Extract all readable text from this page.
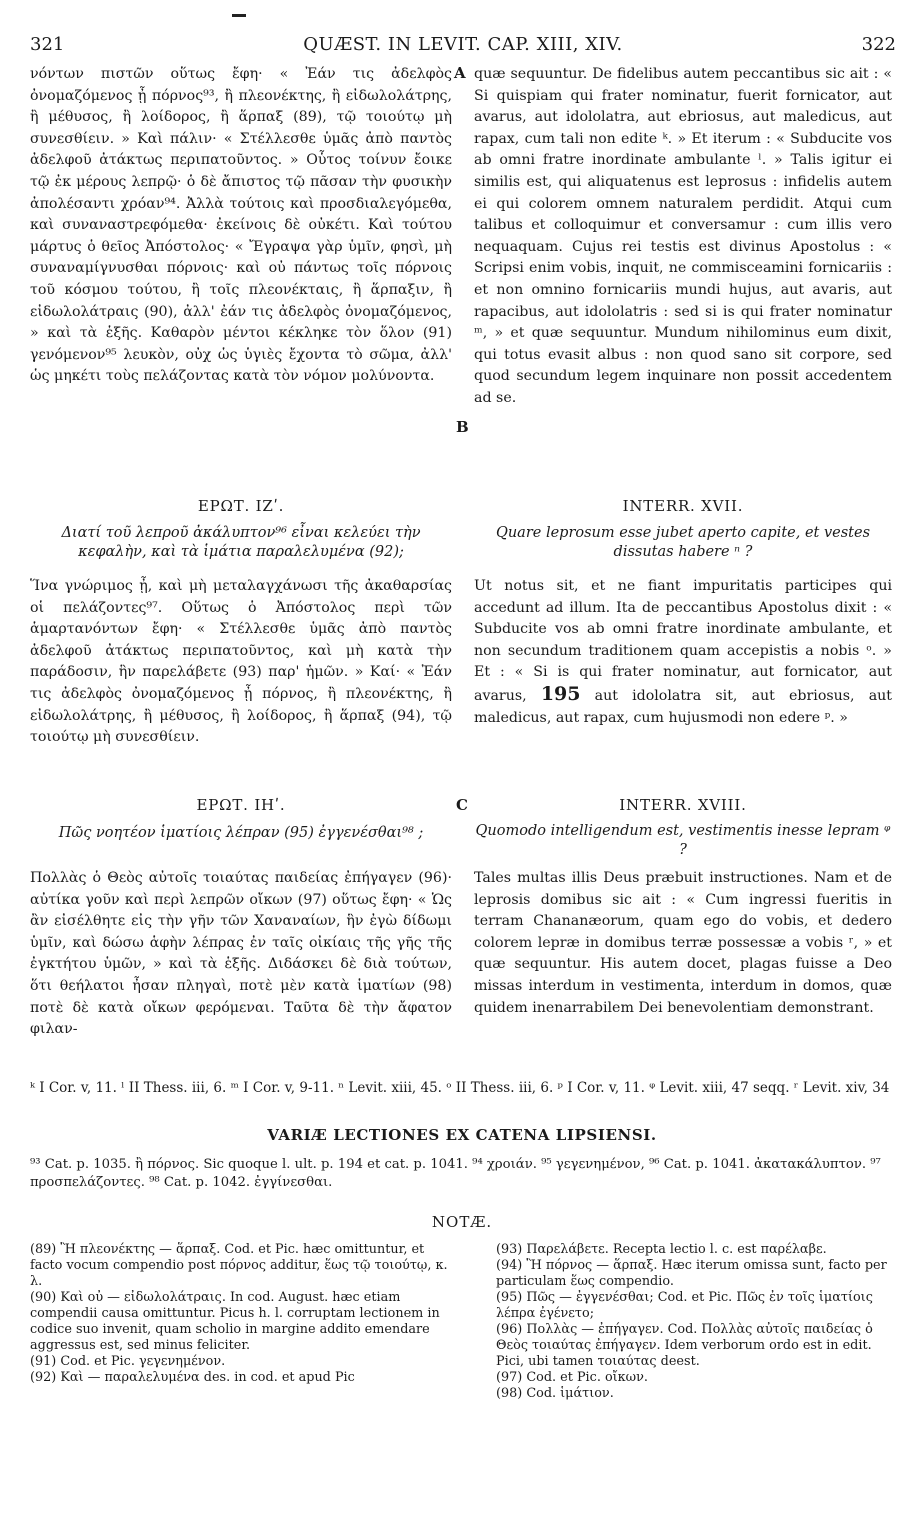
321	QUÆST. IN LEVIT. CAP. XIII, XIV.	322

νόντων πιστῶν οὕτως ἔφη· « Ἐάν τις ἀδελφὸς ὀνομαζόμενος ᾖ πόρνος⁹³, ἢ πλεονέκτης, ἢ εἰδωλολάτρης, ἢ μέθυσος, ἢ λοίδορος, ἢ ἅρπαξ (89), τῷ τοιούτῳ μὴ συνεσθίειν. » Καὶ πάλιν· « Στέλλεσθε ὑμᾶς ἀπὸ παντὸς ἀδελφοῦ ἀτάκτως περιπατοῦντος. » Οὗτος τοίνυν ἔοικε τῷ ἐκ μέρους λεπρῷ· ὁ δὲ ἄπιστος τῷ πᾶσαν τὴν φυσικὴν ἀπολέσαντι χρόαν⁹⁴. Ἀλλὰ τούτοις καὶ προσδιαλεγόμεθα, καὶ συναναστρεφόμεθα· ἐκείνοις δὲ οὐκέτι. Καὶ τούτου μάρτυς ὁ θεῖος Ἀπόστολος· « Ἔγραψα γὰρ ὑμῖν, φησὶ, μὴ συναναμίγνυσθαι πόρνοις· καὶ οὐ πάντως τοῖς πόρνοις τοῦ κόσμου τούτου, ἢ τοῖς πλεονέκταις, ἢ ἅρπαξιν, ἢ εἰδωλολάτραις (90), ἀλλ' ἐάν τις ἀδελφὸς ὀνομαζόμενος, » καὶ τὰ ἑξῆς. Καθαρὸν μέντοι κέκληκε τὸν ὅλον (91) γενόμενον⁹⁵ λευκὸν, οὐχ ὡς ὑγιὲς ἔχοντα τὸ σῶμα, ἀλλ' ὡς μηκέτι τοὺς πελάζοντας κατὰ τὸν νόμον μολύνοντα.

A quæ sequuntur. De fidelibus autem peccantibus sic ait : « Si quispiam qui frater nominatur, fuerit fornicator, aut avarus, aut idololatra, aut ebriosus, aut maledicus, aut rapax, cum tali non edite ᵏ. » Et iterum : « Subducite vos ab omni fratre inordinate ambulante ˡ. » Talis igitur ei similis est, qui aliquatenus est leprosus : infidelis autem ei qui colorem omnem naturalem perdidit. Atqui cum talibus et colloquimur et conversamur : cum illis vero nequaquam. Cujus rei testis est divinus Apostolus : « Scripsi enim vobis, inquit, ne commisceamini fornicariis : et non omnino fornicariis mundi hujus, aut avaris, aut rapacibus, aut idololatris : sed si is qui frater nominatur ᵐ, » et quæ sequuntur. Mundum nihilominus eum dixit, qui totus evasit albus : non quod sano sit corpore, sed quod secundum legem inquinare non possit accedentem ad se.

B
ΕΡΩΤ. ΙΖʹ.
Διατί τοῦ λεπροῦ ἀκάλυπτον⁹⁶ εἶναι κελεύει τὴν κεφαλὴν, καὶ τὰ ἱμάτια παραλελυμένα (92);

Ἵνα γνώριμος ᾖ, καὶ μὴ μεταλαγχάνωσι τῆς ἀκαθαρσίας οἱ πελάζοντες⁹⁷. Οὕτως ὁ Ἀπόστολος περὶ τῶν ἁμαρτανόντων ἔφη· « Στέλλεσθε ὑμᾶς ἀπὸ παντὸς ἀδελφοῦ ἀτάκτως περιπατοῦντος, καὶ μὴ κατὰ τὴν παράδοσιν, ἣν παρελάβετε (93) παρ' ἡμῶν. » Καί· « Ἐάν τις ἀδελφὸς ὀνομαζόμενος ᾖ πόρνος, ἢ πλεονέκτης, ἢ εἰδωλολάτρης, ἢ μέθυσος, ἢ λοίδορος, ἢ ἅρπαξ (94), τῷ τοιούτῳ μὴ συνεσθίειν.

INTERR. XVII.
Quare leprosum esse jubet aperto capite, et vestes dissutas habere ⁿ ?

Ut notus sit, et ne fiant impuritatis participes qui accedunt ad illum. Ita de peccantibus Apostolus dixit : « Subducite vos ab omni fratre inordinate ambulante, et non secundum traditionem quam accepistis a nobis ᵒ. » Et : « Si is qui frater nominatur, aut fornicator, aut avarus, 195 aut idololatra sit, aut ebriosus, aut maledicus, aut rapax, cum hujusmodi non edere ᵖ. »

ΕΡΩΤ. ΙΗʹ.	C
Πῶς νοητέον ἱματίοις λέπραν (95) ἐγγενέσθαι⁹⁸ ;

Πολλὰς ὁ Θεὸς αὐτοῖς τοιαύτας παιδείας ἐπήγαγεν (96)· αὐτίκα γοῦν καὶ περὶ λεπρῶν οἴκων (97) οὕτως ἔφη· « Ὡς ἂν εἰσέλθητε εἰς τὴν γῆν τῶν Χαναναίων, ἣν ἐγὼ δίδωμι ὑμῖν, καὶ δώσω ἁφὴν λέπρας ἐν ταῖς οἰκίαις τῆς γῆς τῆς ἐγκτήτου ὑμῶν, » καὶ τὰ ἑξῆς. Διδάσκει δὲ διὰ τούτων, ὅτι θεήλατοι ἦσαν πληγαὶ, ποτὲ μὲν κατὰ ἱματίων (98) ποτὲ δὲ κατὰ οἴκων φερόμεναι. Ταῦτα δὲ τὴν ἄφατον φιλαν-

INTERR. XVIII.
Quomodo intelligendum est, vestimentis inesse lepram ᵠ ?

Tales multas illis Deus præbuit instructiones. Nam et de leprosis domibus sic ait : « Cum ingressi fueritis in terram Chananæorum, quam ego do vobis, et dedero colorem lepræ in domibus terræ possessæ a vobis ʳ, » et quæ sequuntur. His autem docet, plagas fuisse a Deo missas interdum in vestimenta, interdum in domos, quæ quidem inenarrabilem Dei benevolentiam demonstrant.

ᵏ I Cor. v, 11. ˡ II Thess. iii, 6. ᵐ I Cor. v, 9-11. ⁿ Levit. xiii, 45. ᵒ II Thess. iii, 6. ᵖ I Cor. v, 11. ᵠ Levit. xiii, 47 seqq. ʳ Levit. xiv, 34
VARIÆ LECTIONES EX CATENA LIPSIENSI.
⁹³ Cat. p. 1035. ἢ πόρνος. Sic quoque l. ult. p. 194 et cat. p. 1041. ⁹⁴ χροιάν. ⁹⁵ γεγενημένον, ⁹⁶ Cat. p. 1041. ἀκατακάλυπτον. ⁹⁷ προσπελάζοντες. ⁹⁸ Cat. p. 1042. ἐγγίνεσθαι.
NOTÆ.

(89) Ἢ πλεονέκτης — ἅρπαξ. Cod. et Pic. hæc omittuntur, et facto vocum compendio post πόρνος additur, ἕως τῷ τοιούτῳ, κ. λ.

(90) Καὶ οὐ — εἰδωλολάτραις. In cod. August. hæc etiam compendii causa omittuntur. Picus h. l. corruptam lectionem in codice suo invenit, quam scholio in margine addito emendare aggressus est, sed minus feliciter.

(91) Cod. et Pic. γεγενημένον.

(92) Καὶ — παραλελυμένα des. in cod. et apud Pic

(93) Παρελάβετε. Recepta lectio l. c. est παρέλαβε.

(94) Ἢ πόρνος — ἅρπαξ. Hæc iterum omissa sunt, facto per particulam ἕως compendio.

(95) Πῶς — ἐγγενέσθαι; Cod. et Pic. Πῶς ἐν τοῖς ἱματίοις λέπρα ἐγένετο;

(96) Πολλὰς — ἐπήγαγεν. Cod. Πολλὰς αὐτοῖς παιδείας ὁ Θεὸς τοιαύτας ἐπήγαγεν. Idem verborum ordo est in edit. Pici, ubi tamen τοιαύτας deest.

(97) Cod. et Pic. οἴκων.

(98) Cod. ἱμάτιον.
